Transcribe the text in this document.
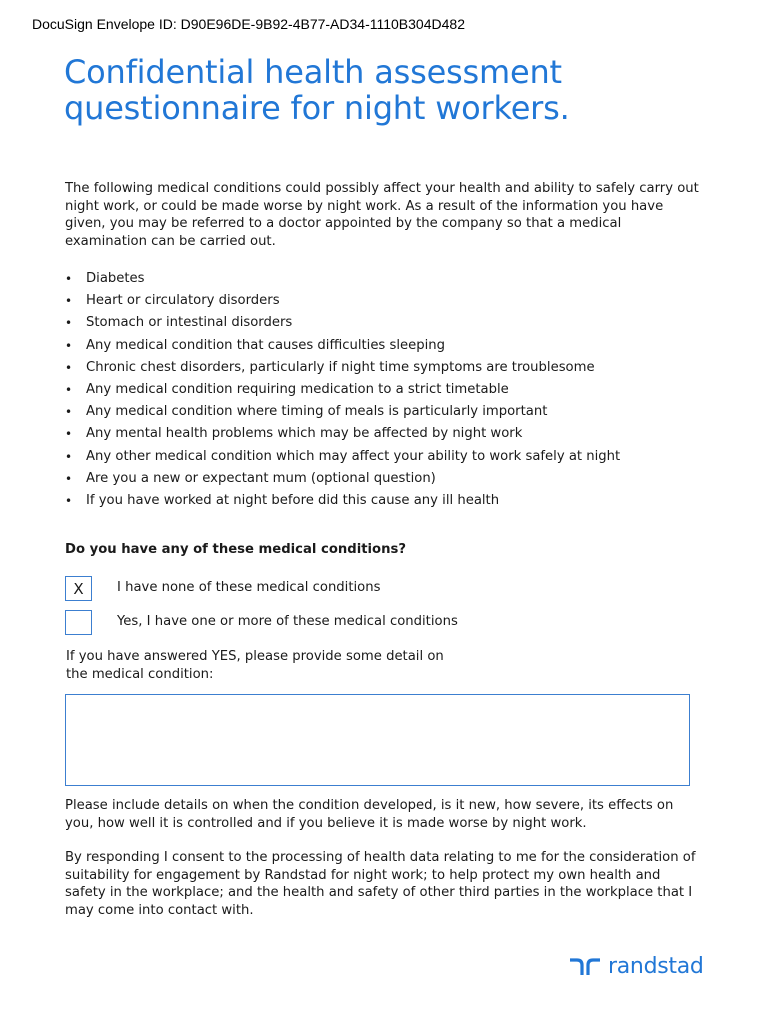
DocuSign Envelope ID: D90E96DE-9B92-4B77-AD34-1110B304D482
Confidential health assessment questionnaire for night workers.

The following medical conditions could possibly affect your health and ability to safely carry out night work, or could be made worse by night work. As a result of the information you have given, you may be referred to a doctor appointed by the company so that a medical examination can be carried out.

• Diabetes
• Heart or circulatory disorders
• Stomach or intestinal disorders
• Any medical condition that causes difficulties sleeping
• Chronic chest disorders, particularly if night time symptoms are troublesome
• Any medical condition requiring medication to a strict timetable
• Any medical condition where timing of meals is particularly important
• Any mental health problems which may be affected by night work
• Any other medical condition which may affect your ability to work safely at night
• Are you a new or expectant mum (optional question)
• If you have worked at night before did this cause any ill health

Do you have any of these medical conditions?

X	I have none of these medical conditions
Yes, I have one or more of these medical conditions

If you have answered YES, please provide some detail on the medical condition:

Please include details on when the condition developed, is it new, how severe, its effects on you, how well it is controlled and if you believe it is made worse by night work.

By responding I consent to the processing of health data relating to me for the consideration of suitability for engagement by Randstad for night work; to help protect my own health and safety in the workplace; and the health and safety of other third parties in the workplace that I may come into contact with.

randstad
